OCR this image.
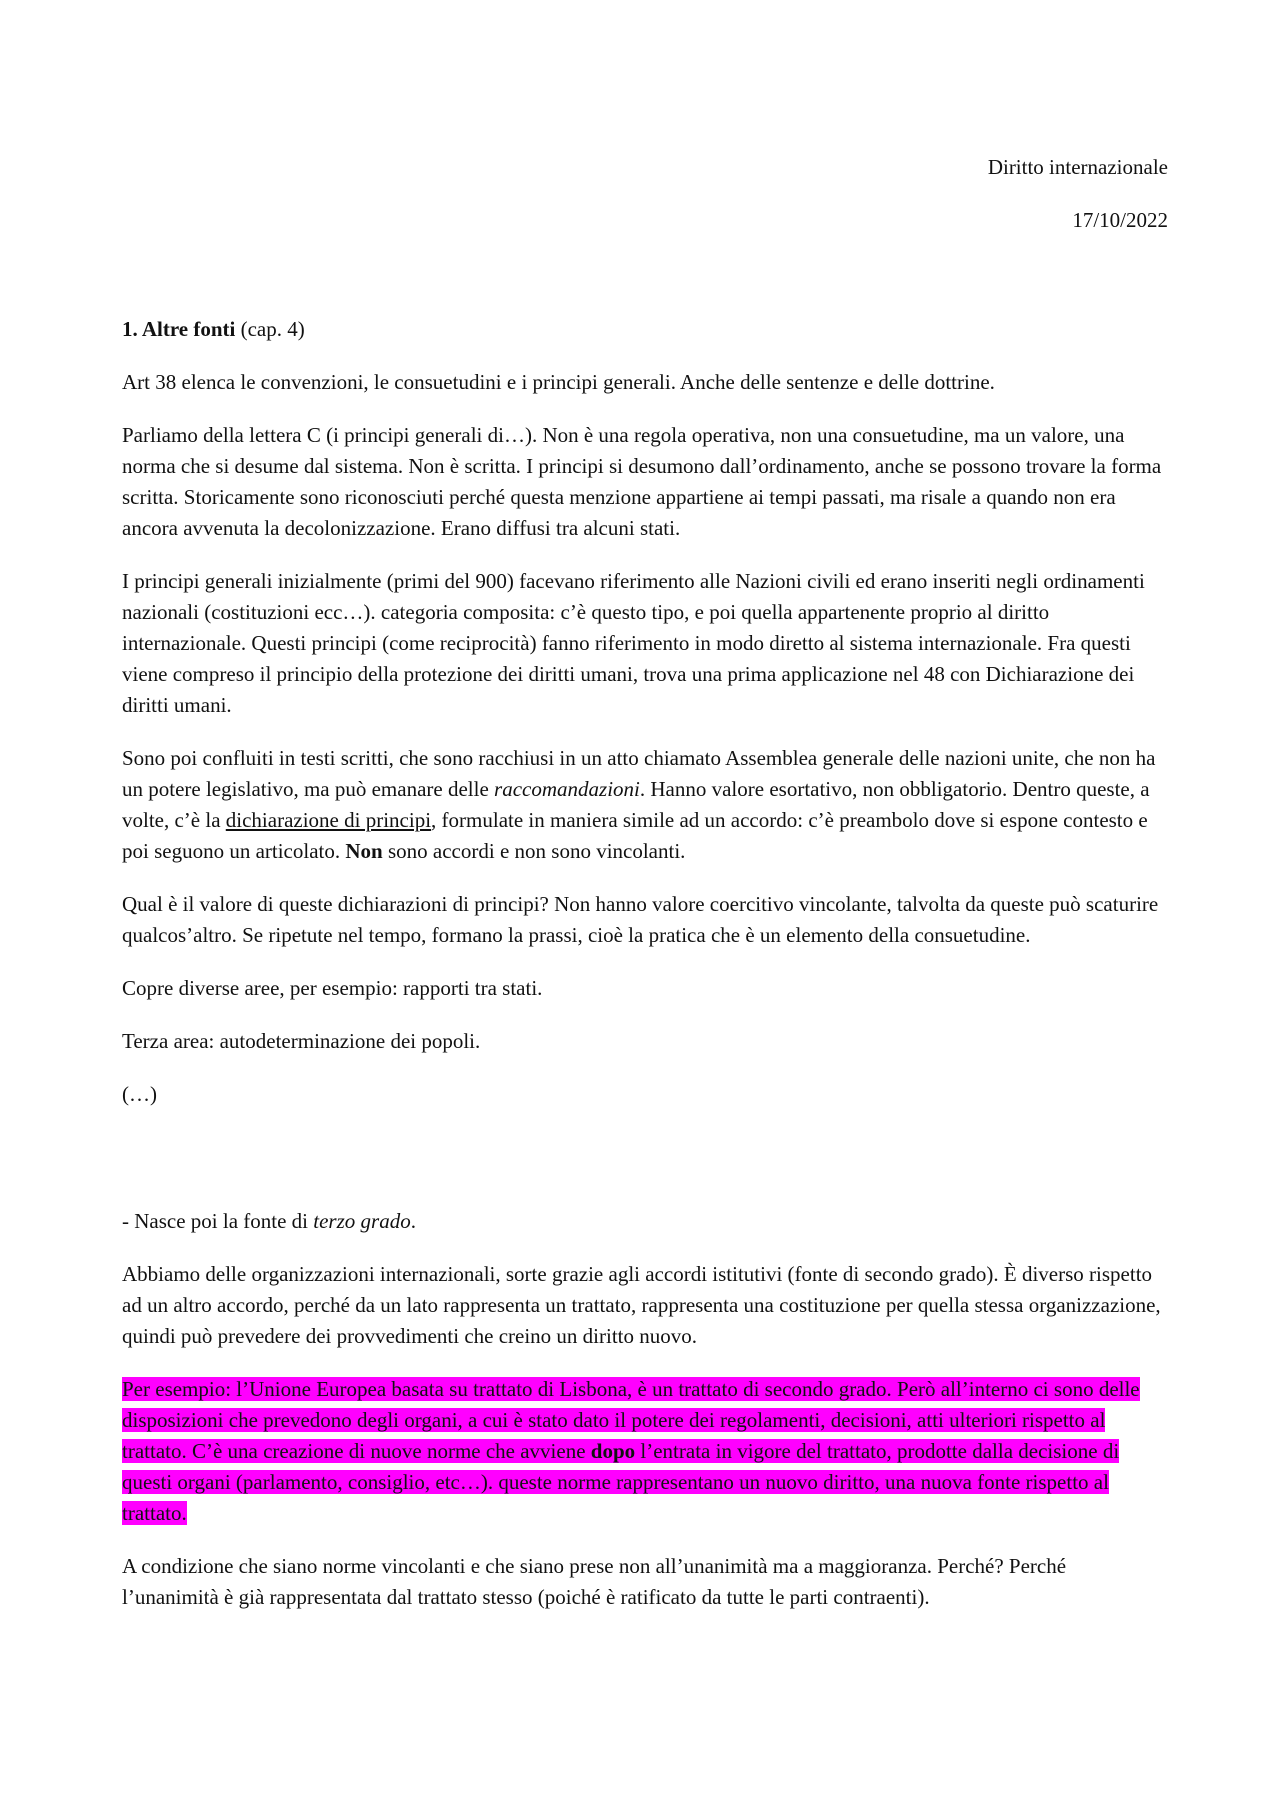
Diritto internazionale
17/10/2022

1. Altre fonti (cap. 4)

Art 38 elenca le convenzioni, le consuetudini e i principi generali. Anche delle sentenze e delle dottrine.

Parliamo della lettera C (i principi generali di…). Non è una regola operativa, non una consuetudine, ma un valore, una norma che si desume dal sistema. Non è scritta. I principi si desumono dall’ordinamento, anche se possono trovare la forma scritta. Storicamente sono riconosciuti perché questa menzione appartiene ai tempi passati, ma risale a quando non era ancora avvenuta la decolonizzazione. Erano diffusi tra alcuni stati.

I principi generali inizialmente (primi del 900) facevano riferimento alle Nazioni civili ed erano inseriti negli ordinamenti nazionali (costituzioni ecc…). categoria composita: c’è questo tipo, e poi quella appartenente proprio al diritto internazionale. Questi principi (come reciprocità) fanno riferimento in modo diretto al sistema internazionale. Fra questi viene compreso il principio della protezione dei diritti umani, trova una prima applicazione nel 48 con Dichiarazione dei diritti umani.

Sono poi confluiti in testi scritti, che sono racchiusi in un atto chiamato Assemblea generale delle nazioni unite, che non ha un potere legislativo, ma può emanare delle raccomandazioni. Hanno valore esortativo, non obbligatorio. Dentro queste, a volte, c’è la dichiarazione di principi, formulate in maniera simile ad un accordo: c’è preambolo dove si espone contesto e poi seguono un articolato. Non sono accordi e non sono vincolanti.

Qual è il valore di queste dichiarazioni di principi? Non hanno valore coercitivo vincolante, talvolta da queste può scaturire qualcos’altro. Se ripetute nel tempo, formano la prassi, cioè la pratica che è un elemento della consuetudine.

Copre diverse aree, per esempio: rapporti tra stati.

Terza area: autodeterminazione dei popoli.

(…)

- Nasce poi la fonte di terzo grado.

Abbiamo delle organizzazioni internazionali, sorte grazie agli accordi istitutivi (fonte di secondo grado). È diverso rispetto ad un altro accordo, perché da un lato rappresenta un trattato, rappresenta una costituzione per quella stessa organizzazione, quindi può prevedere dei provvedimenti che creino un diritto nuovo.

Per esempio: l’Unione Europea basata su trattato di Lisbona, è un trattato di secondo grado. Però all’interno ci sono delle disposizioni che prevedono degli organi, a cui è stato dato il potere dei regolamenti, decisioni, atti ulteriori rispetto al trattato. C’è una creazione di nuove norme che avviene dopo l’entrata in vigore del trattato, prodotte dalla decisione di questi organi (parlamento, consiglio, etc…). queste norme rappresentano un nuovo diritto, una nuova fonte rispetto al trattato.

A condizione che siano norme vincolanti e che siano prese non all’unanimità ma a maggioranza. Perché? Perché l’unanimità è già rappresentata dal trattato stesso (poiché è ratificato da tutte le parti contraenti).
